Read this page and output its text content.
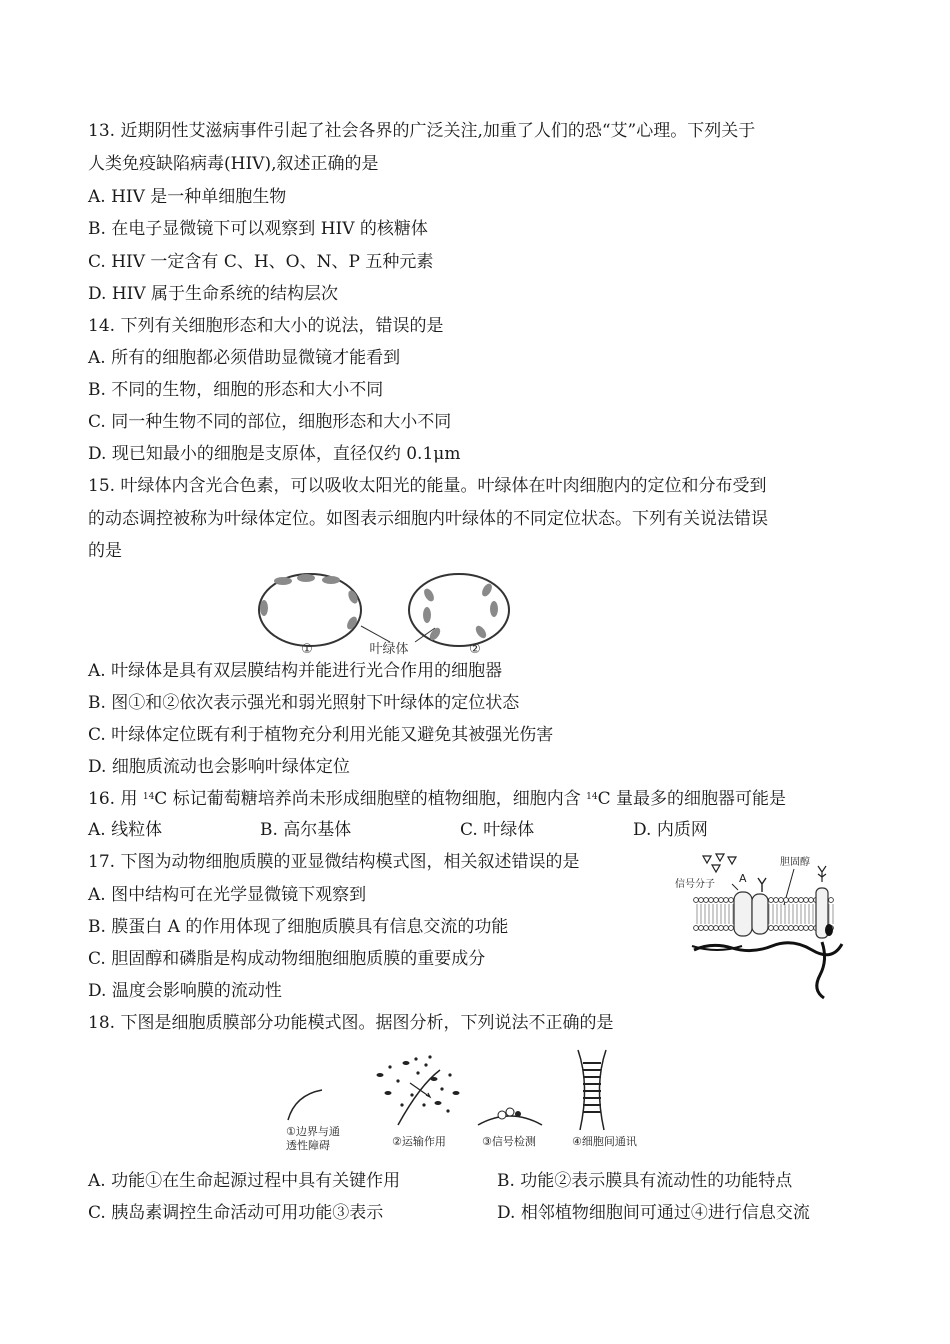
13. 近期阴性艾滋病事件引起了社会各界的广泛关注,加重了人们的恐“艾”心理。下列关于
人类免疫缺陷病毒(HIV),叙述正确的是
A. HIV 是一种单细胞生物
B. 在电子显微镜下可以观察到 HIV 的核糖体
C. HIV 一定含有 C、H、O、N、P 五种元素
D. HIV 属于生命系统的结构层次
14. 下列有关细胞形态和大小的说法，错误的是
A. 所有的细胞都必须借助显微镜才能看到
B. 不同的生物，细胞的形态和大小不同
C. 同一种生物不同的部位，细胞形态和大小不同
D. 现已知最小的细胞是支原体，直径仅约 0.1μm
15. 叶绿体内含光合色素，可以吸收太阳光的能量。叶绿体在叶肉细胞内的定位和分布受到
的动态调控被称为叶绿体定位。如图表示细胞内叶绿体的不同定位状态。下列有关说法错误
的是
①	叶绿体	②
A. 叶绿体是具有双层膜结构并能进行光合作用的细胞器
B. 图①和②依次表示强光和弱光照射下叶绿体的定位状态
C. 叶绿体定位既有利于植物充分利用光能又避免其被强光伤害
D. 细胞质流动也会影响叶绿体定位
16. 用 $^{14}$C 标记葡萄糖培养尚未形成细胞壁的植物细胞，细胞内含 $^{14}$C 量最多的细胞器可能是
A. 线粒体	B. 高尔基体	C. 叶绿体	D. 内质网
17. 下图为动物细胞质膜的亚显微结构模式图，相关叙述错误的是
A. 图中结构可在光学显微镜下观察到
B. 膜蛋白 A 的作用体现了细胞质膜具有信息交流的功能
C. 胆固醇和磷脂是构成动物细胞细胞质膜的重要成分
D. 温度会影响膜的流动性
信号分子 A
胆固醇
18. 下图是细胞质膜部分功能模式图。据图分析，下列说法不正确的是
①边界与通
透性障碍	②运输作用	③信号检测	④细胞间通讯
A. 功能①在生命起源过程中具有关键作用	B. 功能②表示膜具有流动性的功能特点
C. 胰岛素调控生命活动可用功能③表示	D. 相邻植物细胞间可通过④进行信息交流
